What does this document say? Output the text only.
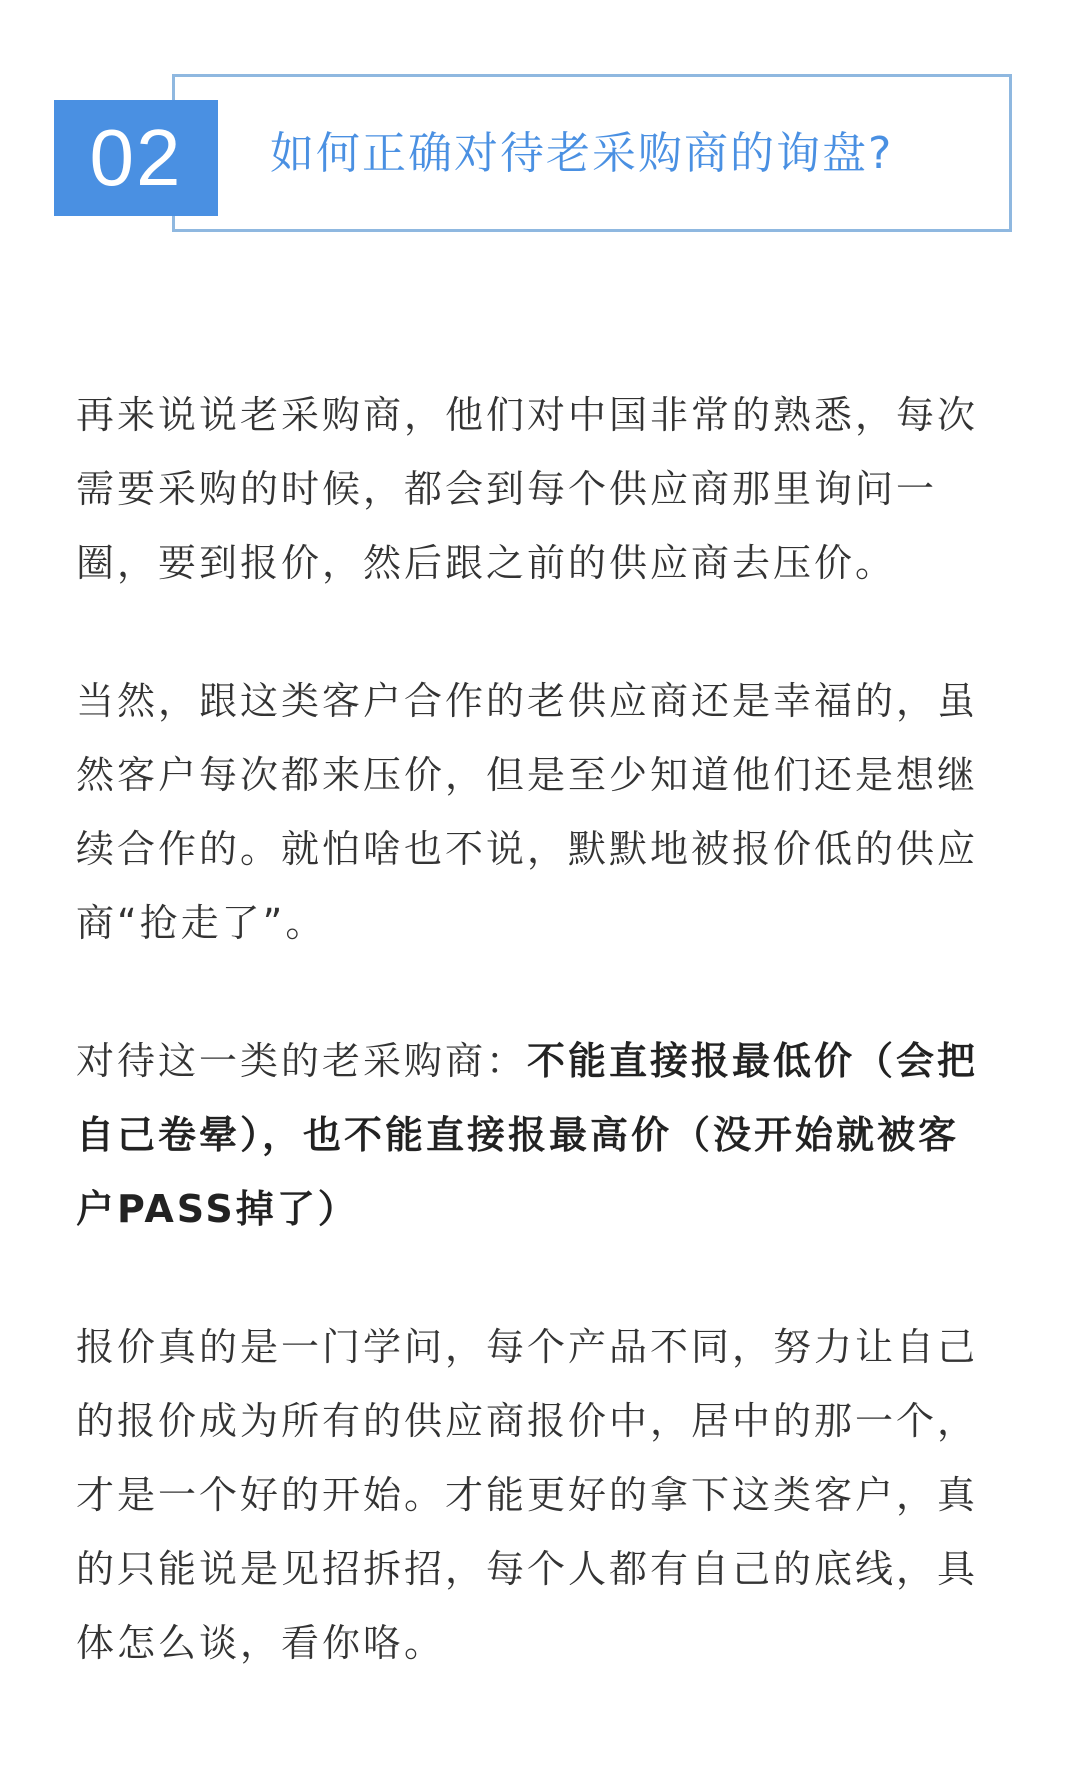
02	如何正确对待老采购商的询盘?

再来说说老采购商，他们对中国非常的熟悉，每次需要采购的时候，都会到每个供应商那里询问一圈，要到报价，然后跟之前的供应商去压价。

当然，跟这类客户合作的老供应商还是幸福的，虽然客户每次都来压价，但是至少知道他们还是想继续合作的。就怕啥也不说，默默地被报价低的供应商“抢走了”。

对待这一类的老采购商：不能直接报最低价（会把自己卷晕），也不能直接报最高价（没开始就被客户PASS掉了）

报价真的是一门学问，每个产品不同，努力让自己的报价成为所有的供应商报价中，居中的那一个，才是一个好的开始。才能更好的拿下这类客户，真的只能说是见招拆招，每个人都有自己的底线，具体怎么谈，看你咯。
